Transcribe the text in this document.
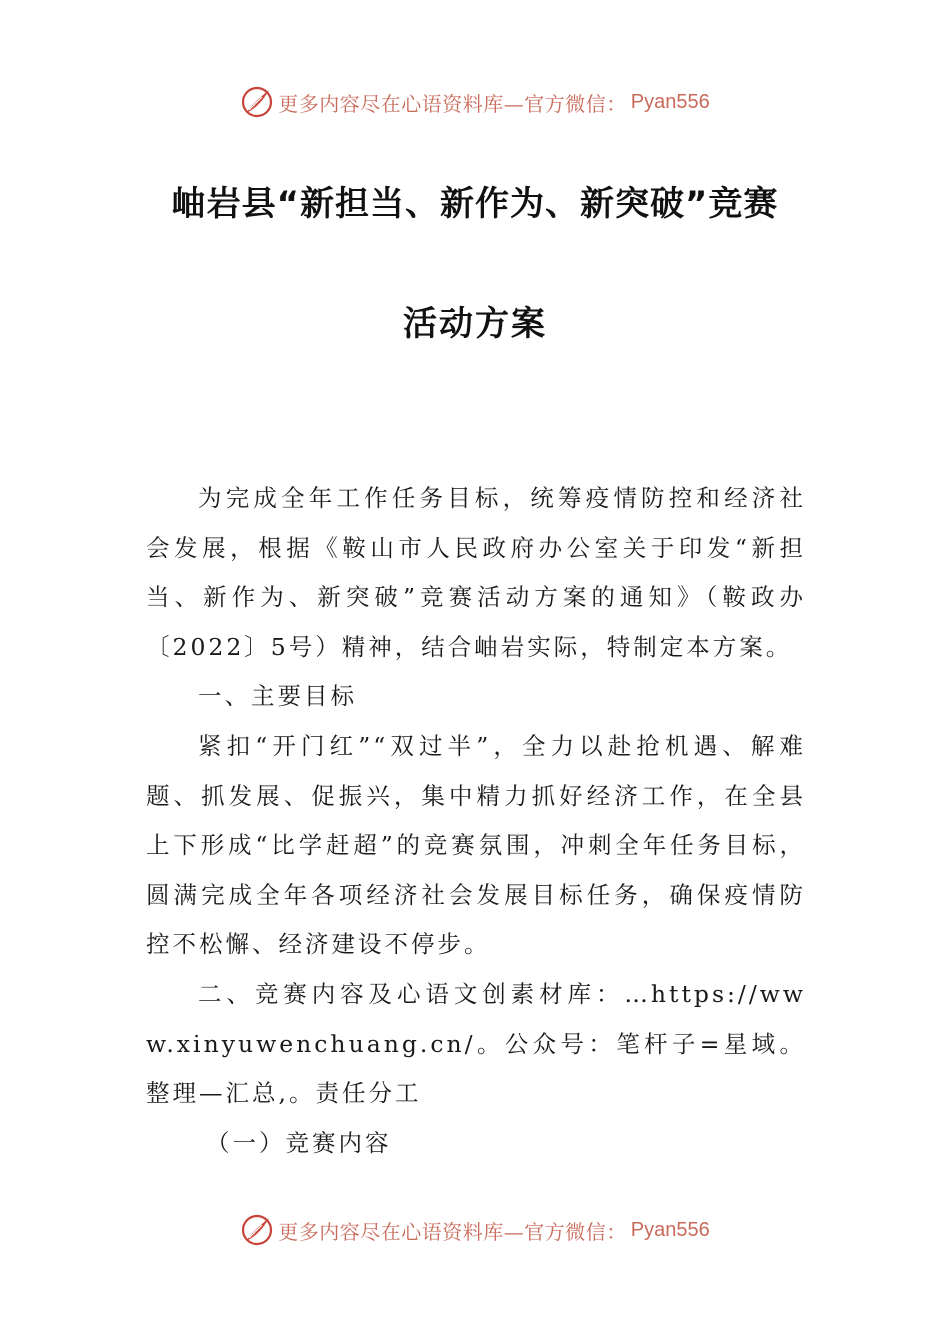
更多内容尽在心语资料库—官方微信： Pyan556
岫岩县“新担当、新作为、新突破”竞赛
活动方案

为完成全年工作任务目标，统筹疫情防控和经济社会发展，根据《鞍山市人民政府办公室关于印发“新担当、新作为、新突破”竞赛活动方案的通知》（鞍政办〔2022〕5号）精神，结合岫岩实际，特制定本方案。

一、主要目标

紧扣“开门红”“双过半”，全力以赴抢机遇、解难题、抓发展、促振兴，集中精力抓好经济工作，在全县上下形成“比学赶超”的竞赛氛围，冲刺全年任务目标，圆满完成全年各项经济社会发展目标任务，确保疫情防控不松懈、经济建设不停步。

二、竞赛内容及心语文创素材库：…https://www.xinyuwenchuang.cn/。公众号：笔杆子=星域。整理—汇总,。责任分工

（一）竞赛内容

更多内容尽在心语资料库—官方微信： Pyan556
